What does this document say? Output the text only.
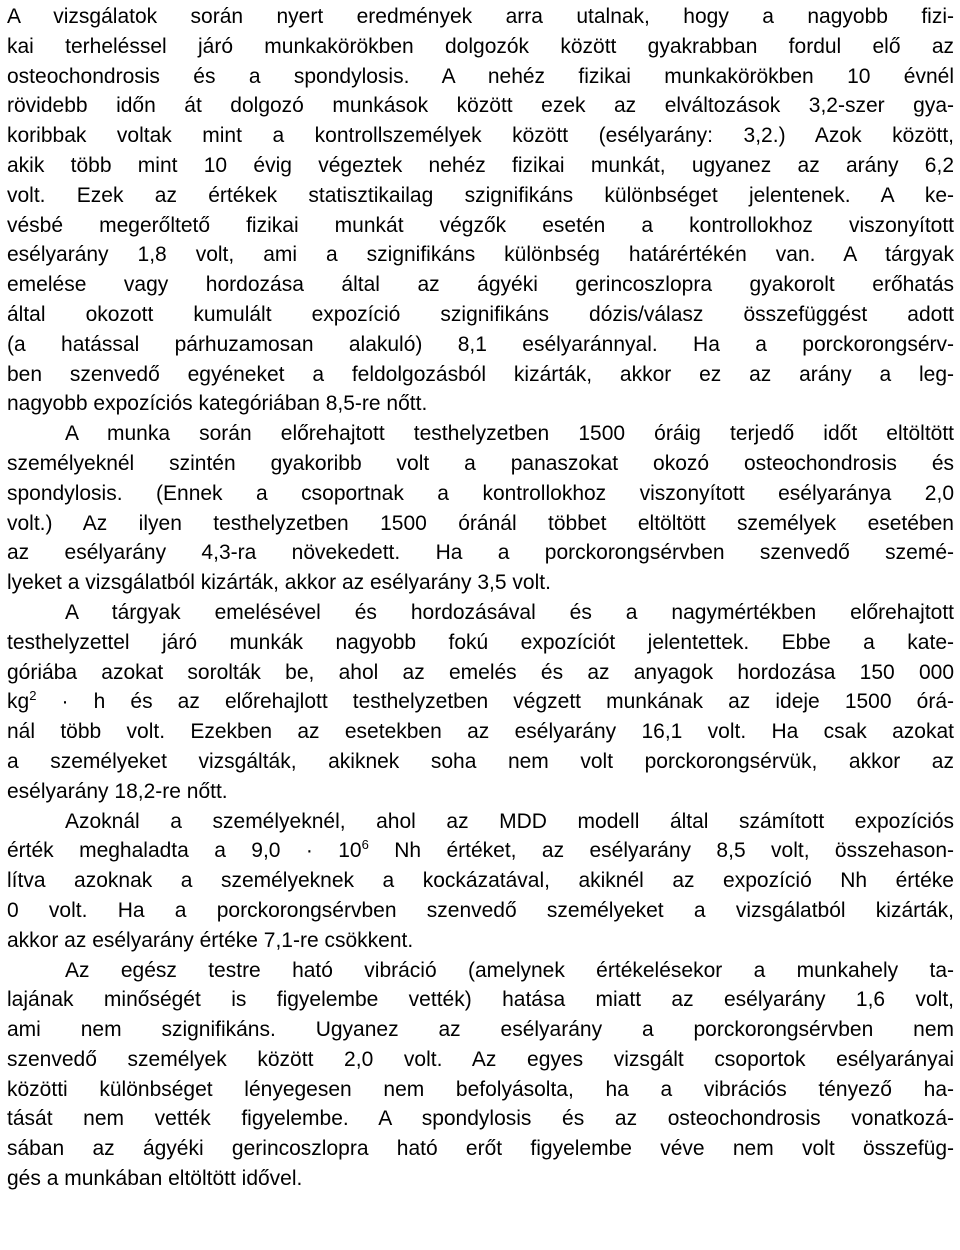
A vizsgálatok során nyert eredmények arra utalnak, hogy a nagyobb fizi-
kai terheléssel járó munkakörökben dolgozók között gyakrabban fordul elő az
osteochondrosis és a spondylosis. A nehéz fizikai munkakörökben 10 évnél
rövidebb időn át dolgozó munkások között ezek az elváltozások 3,2-szer gya-
koribbak voltak mint a kontrollszemélyek között (esélyarány: 3,2.) Azok között,
akik több mint 10 évig végeztek nehéz fizikai munkát, ugyanez az arány 6,2
volt. Ezek az értékek statisztikailag szignifikáns különbséget jelentenek. A ke-
vésbé megerőltető fizikai munkát végzők esetén a kontrollokhoz viszonyított
esélyarány 1,8 volt, ami a szignifikáns különbség határértékén van. A tárgyak
emelése vagy hordozása által az ágyéki gerincoszlopra gyakorolt erőhatás
által okozott kumulált expozíció szignifikáns dózis/válasz összefüggést adott
(a hatással párhuzamosan alakuló) 8,1 esélyaránnyal. Ha a porckorongsérv-
ben szenvedő egyéneket a feldolgozásból kizárták, akkor ez az arány a leg-
nagyobb expozíciós kategóriában 8,5-re nőtt.
A munka során előrehajtott testhelyzetben 1500 óráig terjedő időt eltöltött
személyeknél szintén gyakoribb volt a panaszokat okozó osteochondrosis és
spondylosis. (Ennek a csoportnak a kontrollokhoz viszonyított esélyaránya 2,0
volt.) Az ilyen testhelyzetben 1500 óránál többet eltöltött személyek esetében
az esélyarány 4,3-ra növekedett. Ha a porckorongsérvben szenvedő szemé-
lyeket a vizsgálatból kizárták, akkor az esélyarány 3,5 volt.
A tárgyak emelésével és hordozásával és a nagymértékben előrehajtott
testhelyzettel járó munkák nagyobb fokú expozíciót jelentettek. Ebbe a kate-
góriába azokat sorolták be, ahol az emelés és az anyagok hordozása 150 000
$kg^2 \cdot h$ és az előrehajlott testhelyzetben végzett munkának az ideje 1500 órá-
nál több volt. Ezekben az esetekben az esélyarány 16,1 volt. Ha csak azokat
a személyeket vizsgálták, akiknek soha nem volt porckorongsérvük, akkor az
esélyarány 18,2-re nőtt.
Azoknál a személyeknél, ahol az MDD modell által számított expozíciós
érték meghaladta a $9,0 \cdot 10^6$ Nh értéket, az esélyarány 8,5 volt, összehason-
lítva azoknak a személyeknek a kockázatával, akiknél az expozíció Nh értéke
0 volt. Ha a porckorongsérvben szenvedő személyeket a vizsgálatból kizárták,
akkor az esélyarány értéke 7,1-re csökkent.
Az egész testre ható vibráció (amelynek értékelésekor a munkahely ta-
lajának minőségét is figyelembe vették) hatása miatt az esélyarány 1,6 volt,
ami nem szignifikáns. Ugyanez az esélyarány a porckorongsérvben nem
szenvedő személyek között 2,0 volt. Az egyes vizsgált csoportok esélyarányai
közötti különbséget lényegesen nem befolyásolta, ha a vibrációs tényező ha-
tását nem vették figyelembe. A spondylosis és az osteochondrosis vonatkozá-
sában az ágyéki gerincoszlopra ható erőt figyelembe véve nem volt összefüg-
gés a munkában eltöltött idővel.
